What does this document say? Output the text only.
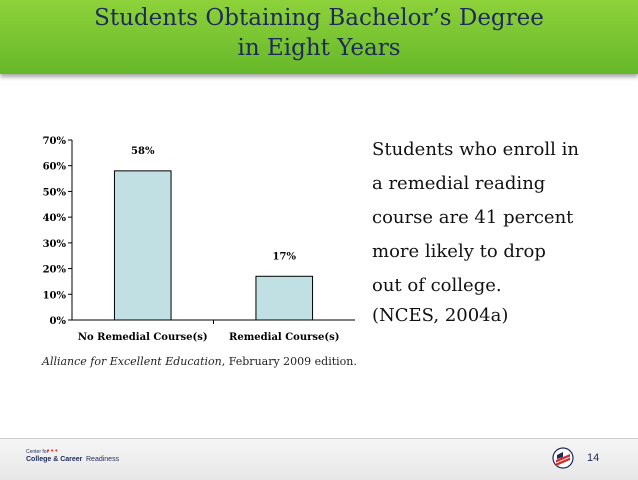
Students Obtaining Bachelor’s Degree
in Eight Years
0%
10%
20%
30%
40%
50%
60%
70%
58%
No Remedial Course(s)
17%
Remedial Course(s)
Students who enroll in
a remedial reading
course are 41 percent
more likely to drop
out of college.
(NCES, 2004a)
Alliance for Excellent Education, February 2009 edition.
Center for
•••
College & Career Readiness	14
